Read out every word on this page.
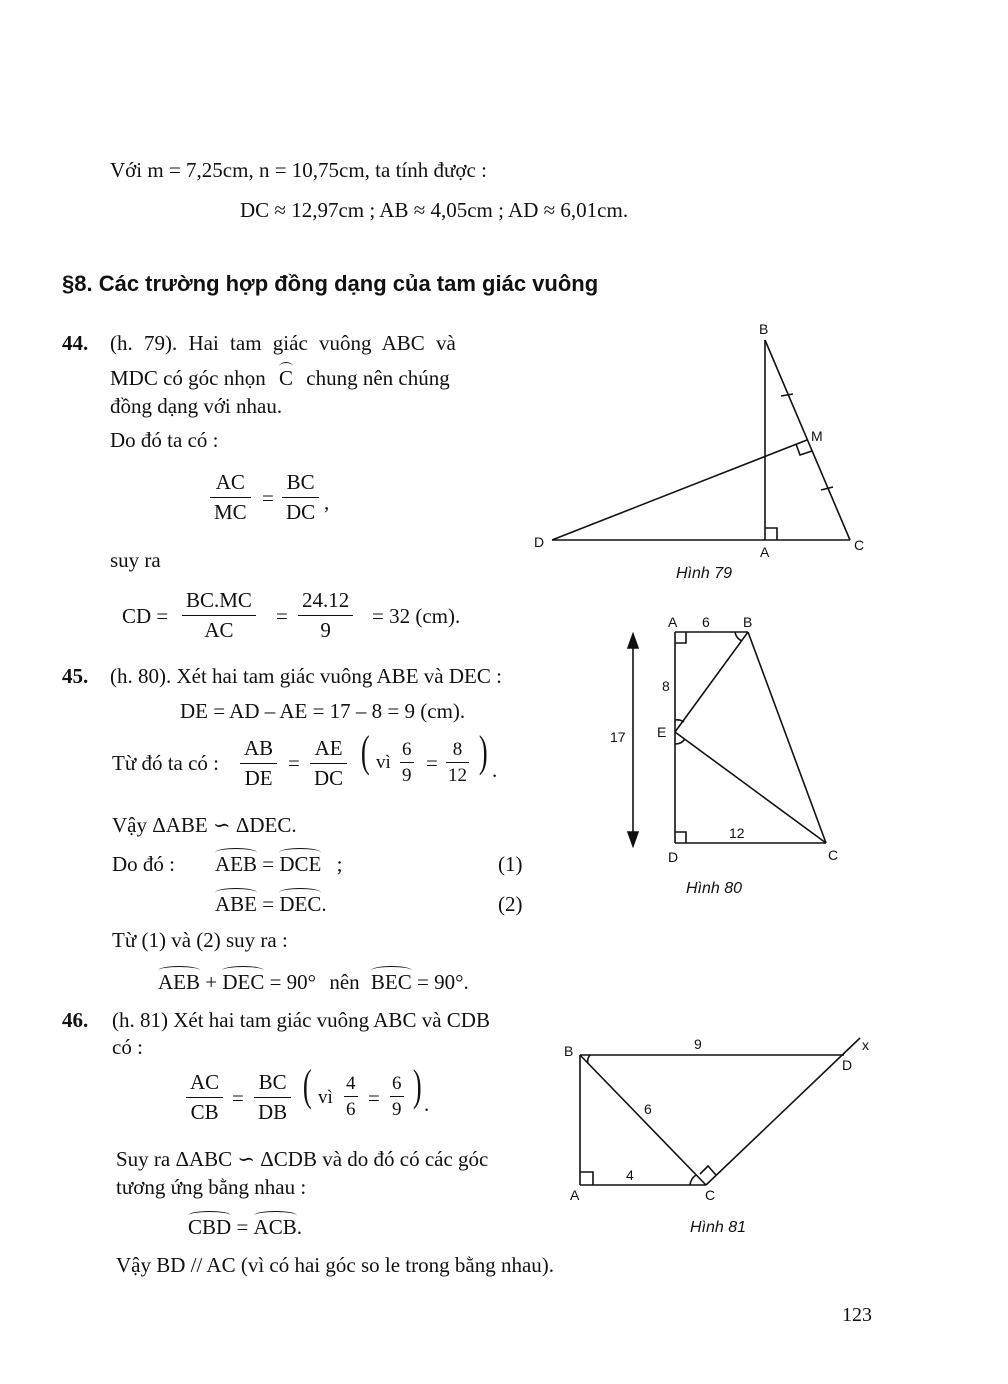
Với m = 7,25cm, n = 10,75cm, ta tính được :
DC ≈ 12,97cm ; AB ≈ 4,05cm ; AD ≈ 6,01cm.
§8. Các trường hợp đồng dạng của tam giác vuông
44. (h. 79). Hai tam giác vuông ABC và
MDC có góc nhọn C chung nên chúng
đồng dạng với nhau.
Do đó ta có :
$\frac{AC}{MC} = \frac{BC}{DC}$ ,
suy ra
CD = $\frac{BC.MC}{AC} = \frac{24.12}{9} = 32$ (cm).
45. (h. 80). Xét hai tam giác vuông ABE và DEC :
DE = AD – AE = 17 – 8 = 9 (cm).
Từ đó ta có : $\frac{AB}{DE} = \frac{AE}{DC}$ ( vì $\frac{6}{9} = \frac{8}{12}$ ) .
Vậy ΔABE ∽ ΔDEC.
Do đó : AEB = DCE ;	(1)
ABE = DEC.	(2)
Từ (1) và (2) suy ra :
AEB + DEC = 90° nên BEC = 90°.
46. (h. 81) Xét hai tam giác vuông ABC và CDB
có :
$\frac{AC}{CB} = \frac{BC}{DB}$ ( vì $\frac{4}{6} = \frac{6}{9}$ ) .
Suy ra ΔABC ∽ ΔCDB và do đó có các góc
tương ứng bằng nhau :
CBD = ACB.
Vậy BD // AC (vì có hai góc so le trong bằng nhau).
B
M
D
A	C
Hình 79
A 6 B
8
E
17
12
D	C
Hình 80
B	9	x
D
6
4
A	C
Hình 81
123
